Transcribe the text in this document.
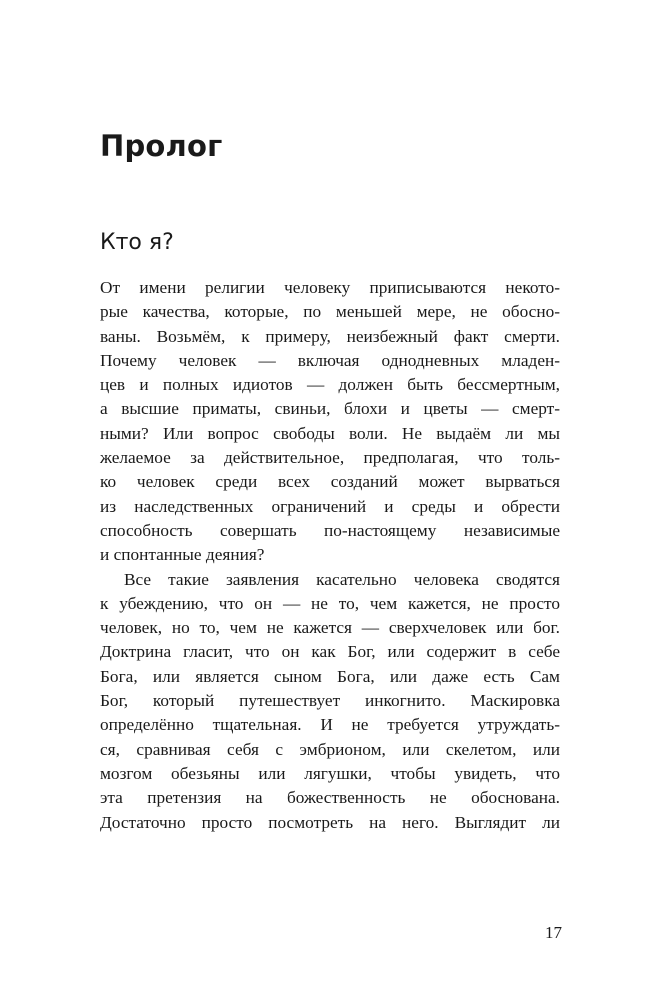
Пролог
Кто я?
От имени религии человеку приписываются некото-
рые качества, которые, по меньшей мере, не обосно-
ваны. Возьмём, к примеру, неизбежный факт смерти.
Почему человек — включая однодневных младен-
цев и полных идиотов — должен быть бессмертным,
а высшие приматы, свиньи, блохи и цветы — смерт-
ными? Или вопрос свободы воли. Не выдаём ли мы
желаемое за действительное, предполагая, что толь-
ко человек среди всех созданий может вырваться
из наследственных ограничений и среды и обрести
способность совершать по-настоящему независимые
и спонтанные деяния?
Все такие заявления касательно человека сводятся
к убеждению, что он — не то, чем кажется, не просто
человек, но то, чем не кажется — сверхчеловек или бог.
Доктрина гласит, что он как Бог, или содержит в себе
Бога, или является сыном Бога, или даже есть Сам
Бог, который путешествует инкогнито. Маскировка
определённо тщательная. И не требуется утруждать-
ся, сравнивая себя с эмбрионом, или скелетом, или
мозгом обезьяны или лягушки, чтобы увидеть, что
эта претензия на божественность не обоснована.
Достаточно просто посмотреть на него. Выглядит ли
17
